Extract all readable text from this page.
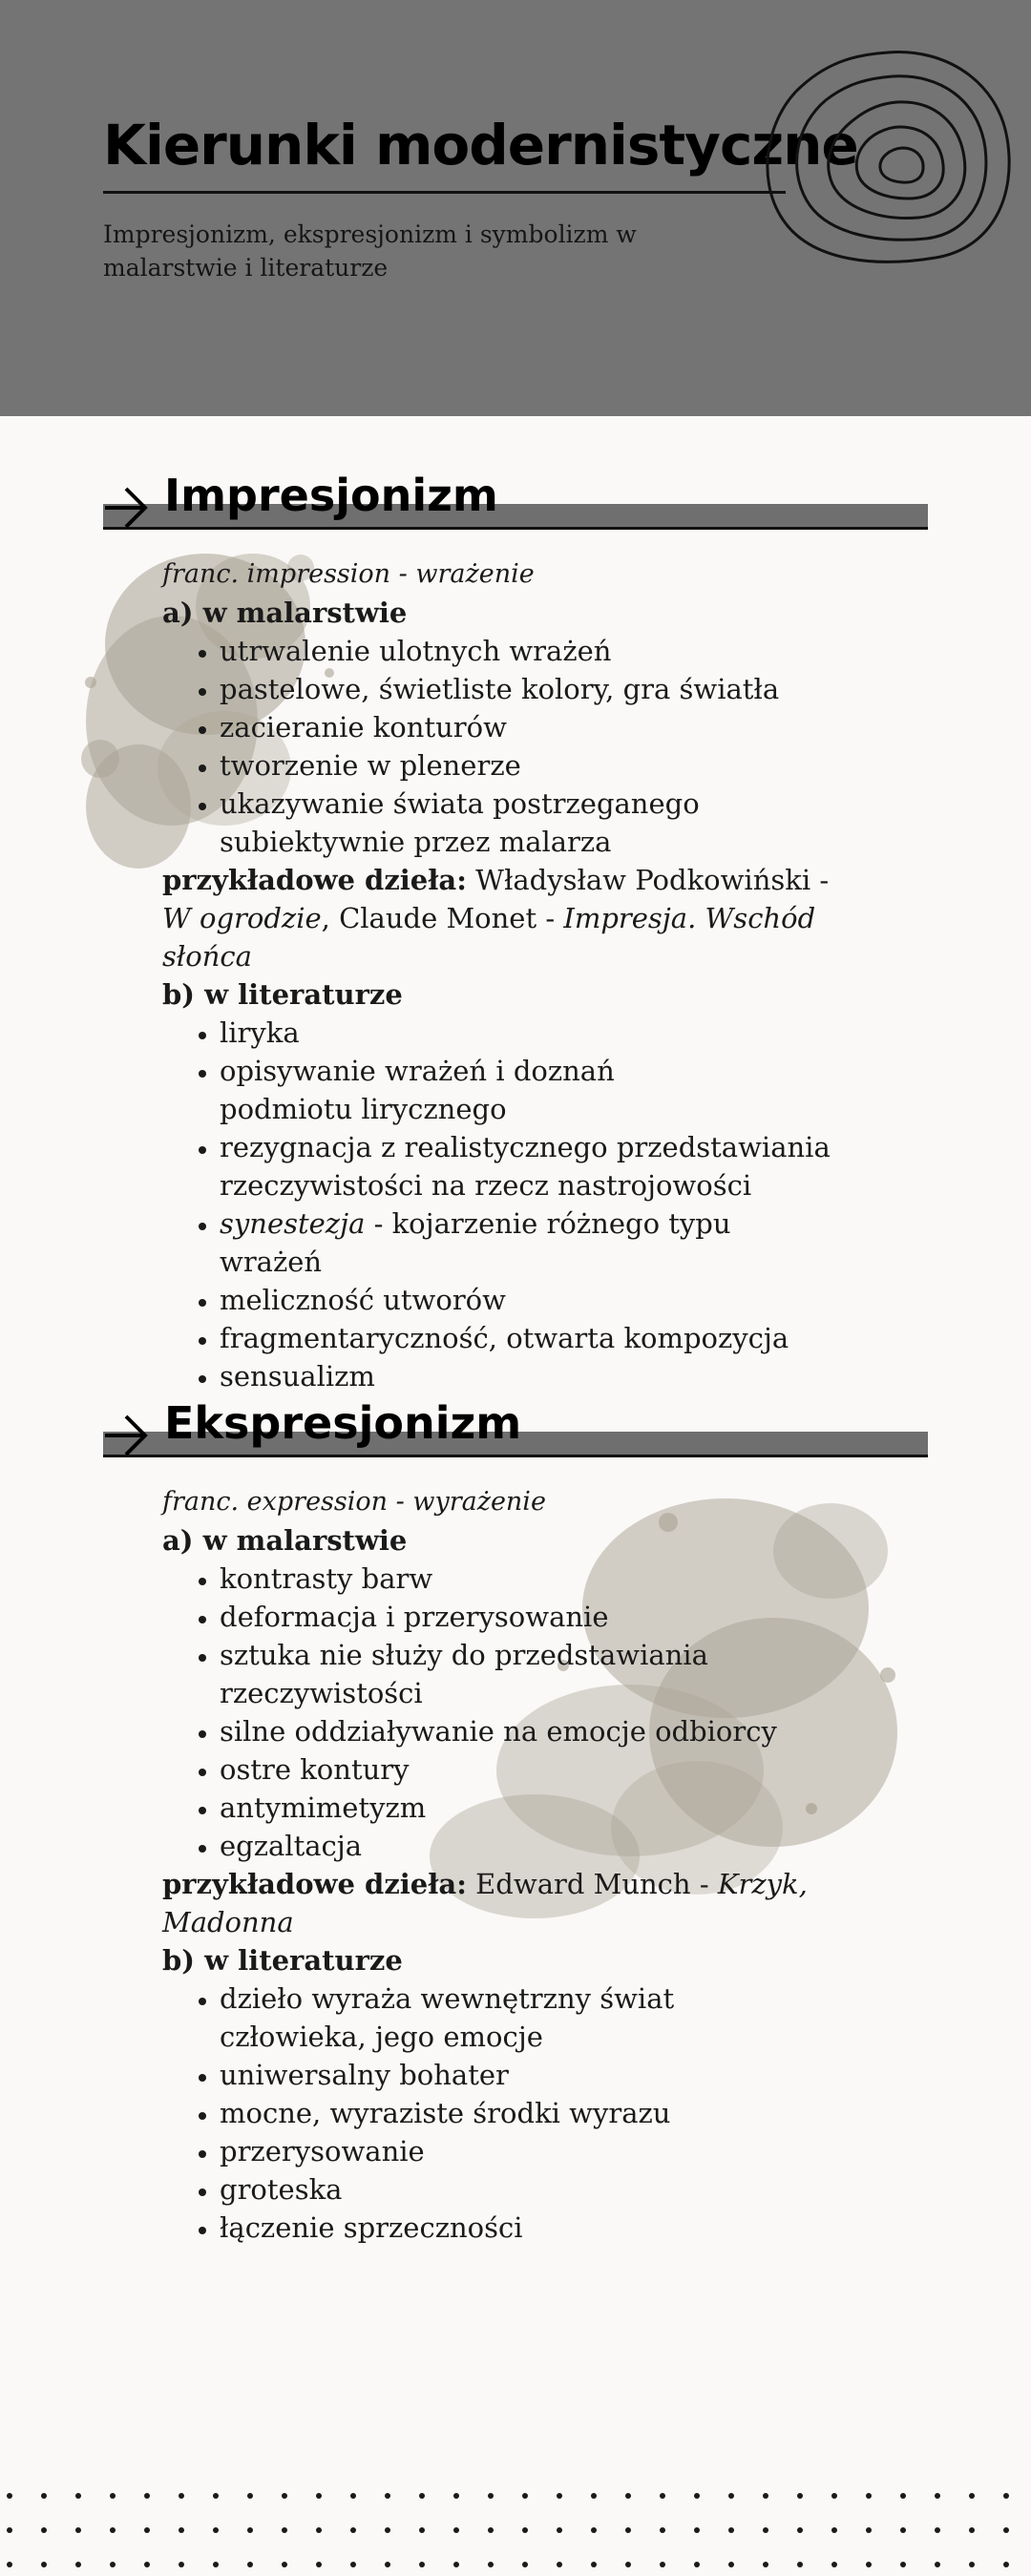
Kierunki modernistyczne

Impresjonizm, ekspresjonizm i symbolizm w malarstwie i literaturze

Impresjonizm

franc. impression - wrażenie

a) w malarstwie

• utrwalenie ulotnych wrażeń
• pastelowe, świetliste kolory, gra światła
• zacieranie konturów
• tworzenie w plenerze
• ukazywanie świata postrzeganego subiektywnie przez malarza

przykładowe dzieła: Władysław Podkowiński - W ogrodzie, Claude Monet - Impresja. Wschód słońca

b) w literaturze

• liryka
• opisywanie wrażeń i doznań podmiotu lirycznego
• rezygnacja z realistycznego przedstawiania rzeczywistości na rzecz nastrojowości
• synestezja - kojarzenie różnego typu wrażeń
• meliczność utworów
• fragmentaryczność, otwarta kompozycja
• sensualizm
Ekspresjonizm

franc. expression - wyrażenie

a) w malarstwie

• kontrasty barw
• deformacja i przerysowanie
• sztuka nie służy do przedstawiania rzeczywistości
• silne oddziaływanie na emocje odbiorcy
• ostre kontury
• antymimetyzm
• egzaltacja

przykładowe dzieła: Edward Munch - Krzyk, Madonna

b) w literaturze

• dzieło wyraża wewnętrzny świat człowieka, jego emocje
• uniwersalny bohater
• mocne, wyraziste środki wyrazu
• przerysowanie
• groteska
• łączenie sprzeczności
